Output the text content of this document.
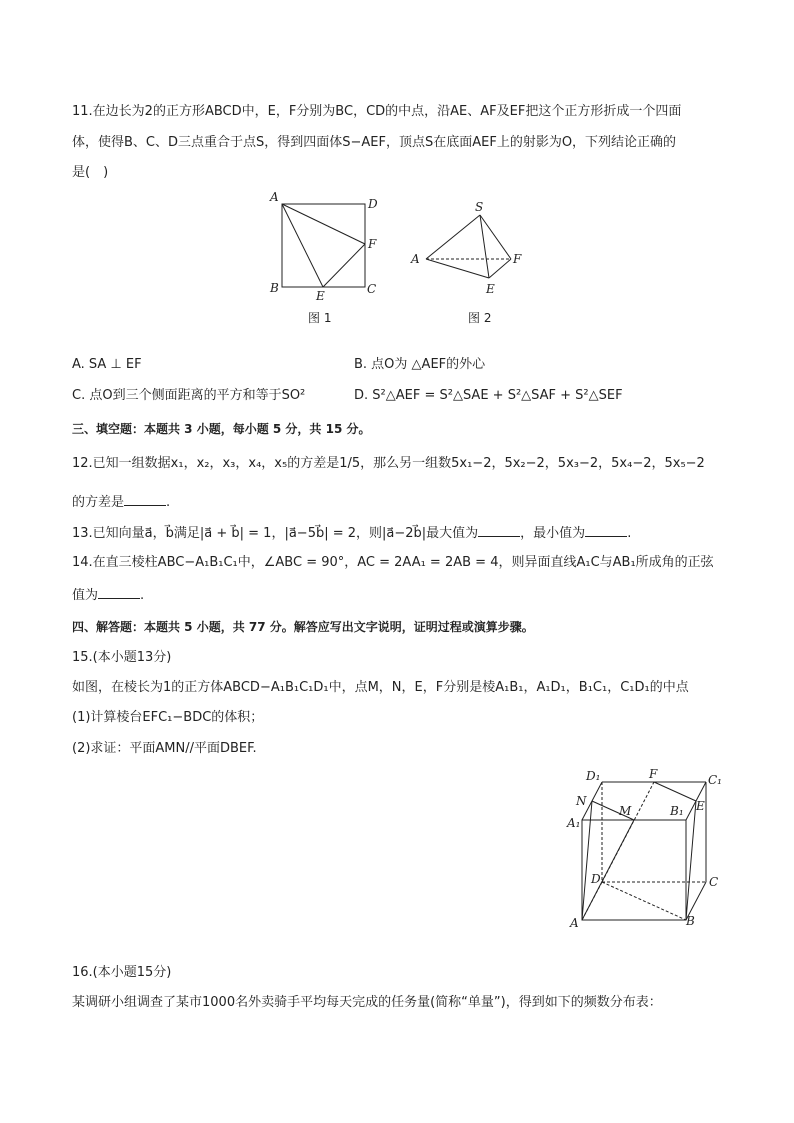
11.在边长为2的正方形ABCD中，E，F分别为BC，CD的中点，沿AE、AF及EF把这个正方形折成一个四面
体，使得B、C、D三点重合于点S，得到四面体S−AEF，顶点S在底面AEF上的射影为O，下列结论正确的
是(　)
A	D
F
B
E	C
图 1
S
A	F
E
图 2
A. SA ⊥ EF	B. 点O为 △AEF的外心
C. 点O到三个侧面距离的平方和等于SO²	D. S²△AEF = S²△SAE + S²△SAF + S²△SEF
三、填空题：本题共 3 小题，每小题 5 分，共 15 分。
12.已知一组数据x₁，x₂，x₃，x₄，x₅的方差是1/5，那么另一组数5x₁−2，5x₂−2，5x₃−2，5x₄−2，5x₅−2
的方差是	.
13.已知向量a⃗，b⃗满足|a⃗ + b⃗| = 1，|a⃗−5b⃗| = 2，则|a⃗−2b⃗|最大值为	，最小值为	.
14.在直三棱柱ABC−A₁B₁C₁中，∠ABC = 90°，AC = 2AA₁ = 2AB = 4，则异面直线A₁C与AB₁所成角的正弦
值为	.
四、解答题：本题共 5 小题，共 77 分。解答应写出文字说明，证明过程或演算步骤。
15.(本小题13分)
如图，在棱长为1的正方体ABCD−A₁B₁C₁D₁中，点M，N，E，F分别是棱A₁B₁，A₁D₁，B₁C₁，C₁D₁的中点
(1)计算棱台EFC₁−BDC的体积；
(2)求证：平面AMN//平面DBEF.
D₁	F	C₁
N
M	B₁ E
A₁
D	C
A	B
16.(本小题15分)
某调研小组调查了某市1000名外卖骑手平均每天完成的任务量(简称“单量”)，得到如下的频数分布表：
